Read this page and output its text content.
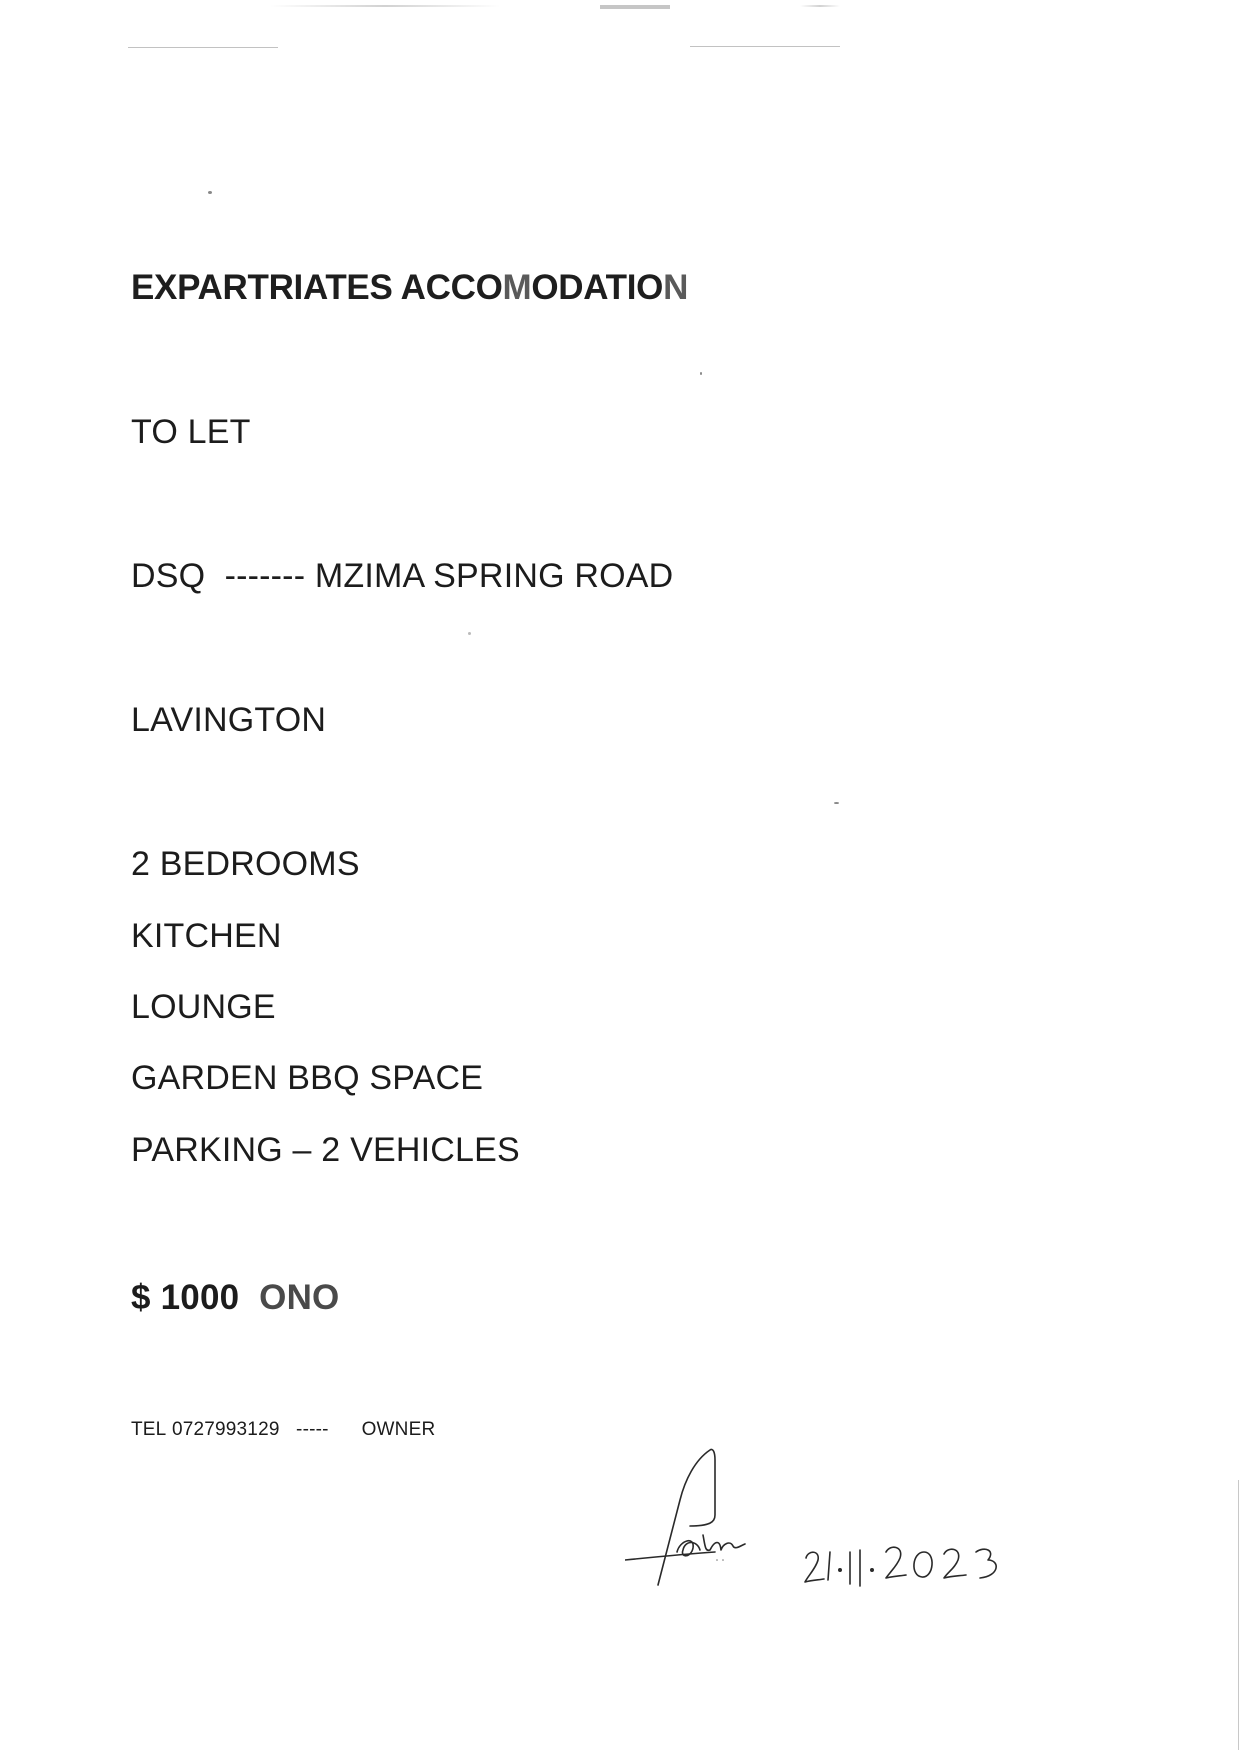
EXPARTRIATES ACCOMODATION
TO LET
DSQ  ------- MZIMA SPRING ROAD
LAVINGTON
2 BEDROOMS
KITCHEN
LOUNGE
GARDEN BBQ SPACE
PARKING – 2 VEHICLES
$ 1000 ONO
TEL 0727993129 ----- OWNER
